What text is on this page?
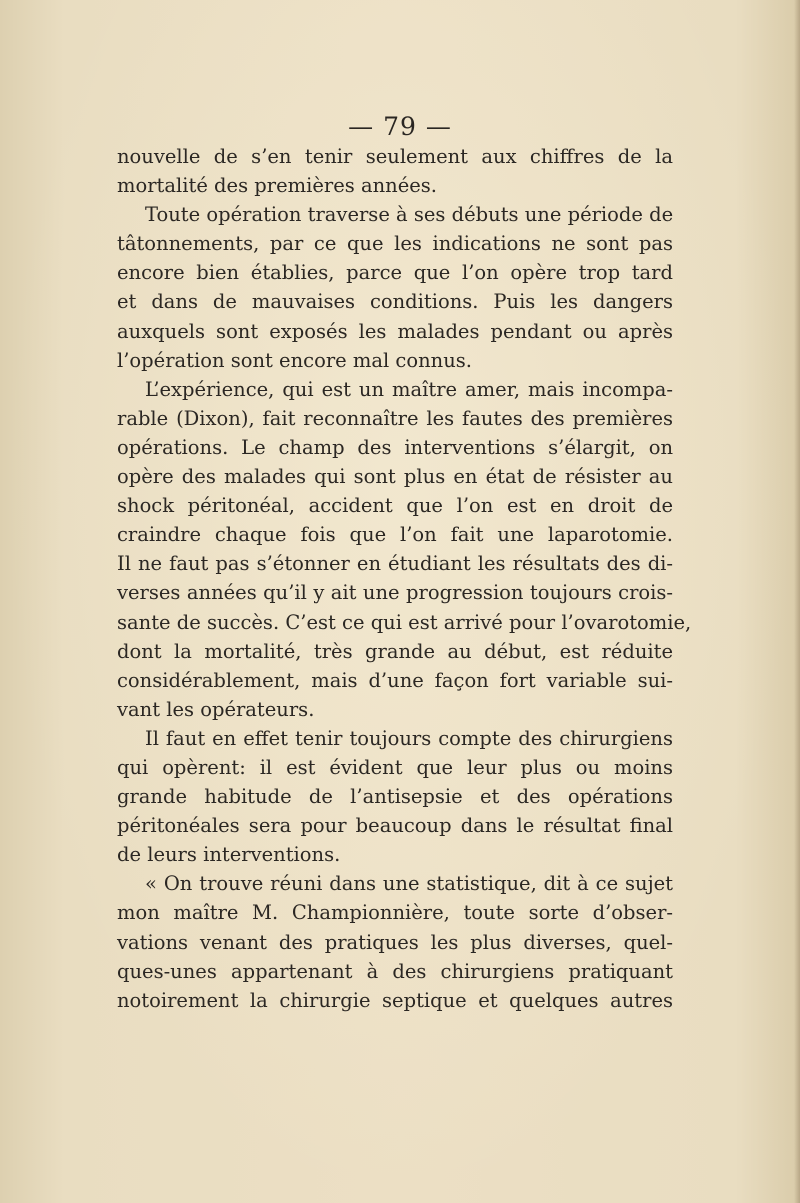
— 79 —
nouvelle de s’en tenir seulement aux chiffres de la
mortalité des premières années.
Toute opération traverse à ses débuts une période de
tâtonnements, par ce que les indications ne sont pas
encore bien établies, parce que l’on opère trop tard
et dans de mauvaises conditions. Puis les dangers
auxquels sont exposés les malades pendant ou après
l’opération sont encore mal connus.
L’expérience, qui est un maître amer, mais incompa-
rable (Dixon), fait reconnaître les fautes des premières
opérations. Le champ des interventions s’élargit, on
opère des malades qui sont plus en état de résister au
shock péritonéal, accident que l’on est en droit de
craindre chaque fois que l’on fait une laparotomie.
Il ne faut pas s’étonner en étudiant les résultats des di-
verses années qu’il y ait une progression toujours crois-
sante de succès. C’est ce qui est arrivé pour l’ovarotomie,
dont la mortalité, très grande au début, est réduite
considérablement, mais d’une façon fort variable sui-
vant les opérateurs.
Il faut en effet tenir toujours compte des chirurgiens
qui opèrent: il est évident que leur plus ou moins
grande habitude de l’antisepsie et des opérations
péritonéales sera pour beaucoup dans le résultat final
de leurs interventions.
« On trouve réuni dans une statistique, dit à ce sujet
mon maître M. Championnière, toute sorte d’obser-
vations venant des pratiques les plus diverses, quel-
ques-unes appartenant à des chirurgiens pratiquant
notoirement la chirurgie septique et quelques autres
